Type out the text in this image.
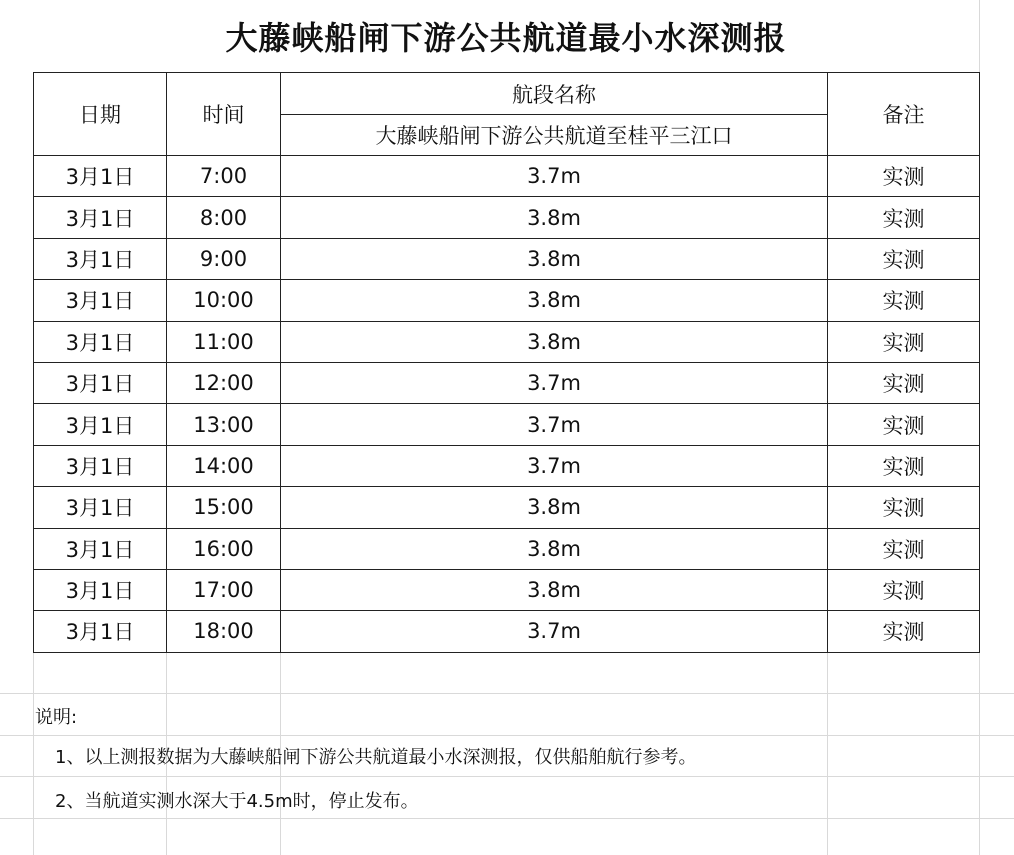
大藤峡船闸下游公共航道最小水深测报
日期	时间	航段名称	备注
		大藤峡船闸下游公共航道至桂平三江口	
3月1日	7:00	3.7m	实测
3月1日	8:00	3.8m	实测
3月1日	9:00	3.8m	实测
3月1日	10:00	3.8m	实测
3月1日	11:00	3.8m	实测
3月1日	12:00	3.7m	实测
3月1日	13:00	3.7m	实测
3月1日	14:00	3.7m	实测
3月1日	15:00	3.8m	实测
3月1日	16:00	3.8m	实测
3月1日	17:00	3.8m	实测
3月1日	18:00	3.7m	实测
说明:
1、以上测报数据为大藤峡船闸下游公共航道最小水深测报，仅供船舶航行参考。
2、当航道实测水深大于4.5m时，停止发布。
